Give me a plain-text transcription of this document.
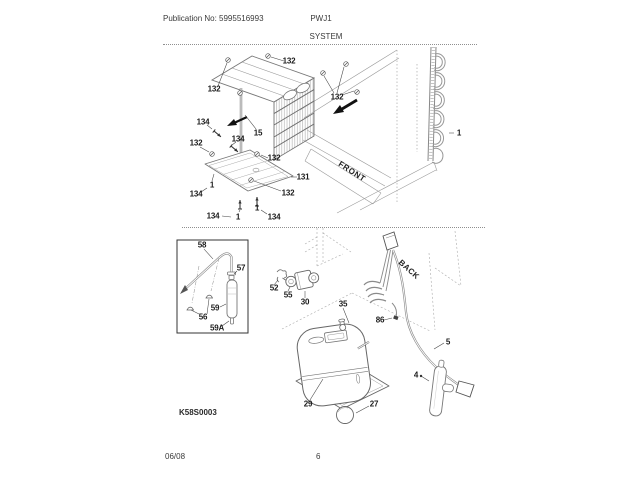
Publication No: 5995516993	PWJ1
SYSTEM
132
132
132
134
134
15
132
132
131
132
1
134
134 1
1
134
1
58
57
59
56
59A
52
55
30	35
86
5
4
29	27
FRONT
BACK
K58S0003
06/08	6
